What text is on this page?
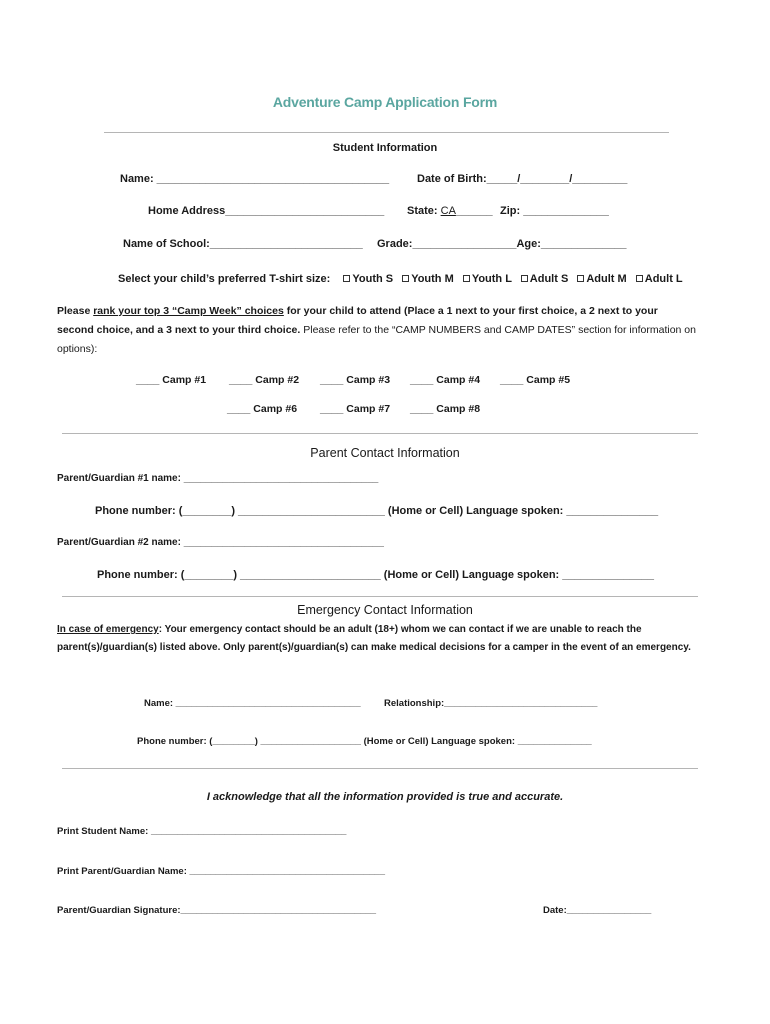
Adventure Camp Application Form
Student Information
Name: ______________________________________	Date of Birth:_____/________/_________
Home Address__________________________ State: CA______ Zip: ______________
Name of School:_________________________ Grade:_________________Age:______________
Select your child’s preferred T-shirt size: Youth S Youth M Youth L Adult S Adult M Adult L
Please rank your top 3 “Camp Week” choices for your child to attend (Place a 1 next to your first choice, a 2 next to your second choice, and a 3 next to your third choice. Please refer to the “CAMP NUMBERS and CAMP DATES” section for information on options):
____ Camp #1 ____ Camp #2 ____ Camp #3 ____ Camp #4 ____ Camp #5
____ Camp #6 ____ Camp #7 ____ Camp #8
Parent Contact Information
Parent/Guardian #1 name: ___________________________________
Phone number: (________) ________________________ (Home or Cell) Language spoken: _______________
Parent/Guardian #2 name: ____________________________________
Phone number: (________) _______________________ (Home or Cell) Language spoken: _______________
Emergency Contact Information
In case of emergency: Your emergency contact should be an adult (18+) whom we can contact if we are unable to reach the parent(s)/guardian(s) listed above. Only parent(s)/guardian(s) can make medical decisions for a camper in the event of an emergency.
Name: ___________________________________ Relationship:_____________________________
Phone number: (________) ___________________ (Home or Cell) Language spoken: ______________
I acknowledge that all the information provided is true and accurate.
Print Student Name: _____________________________________
Print Parent/Guardian Name: _____________________________________
Parent/Guardian Signature:_____________________________________	Date:________________
